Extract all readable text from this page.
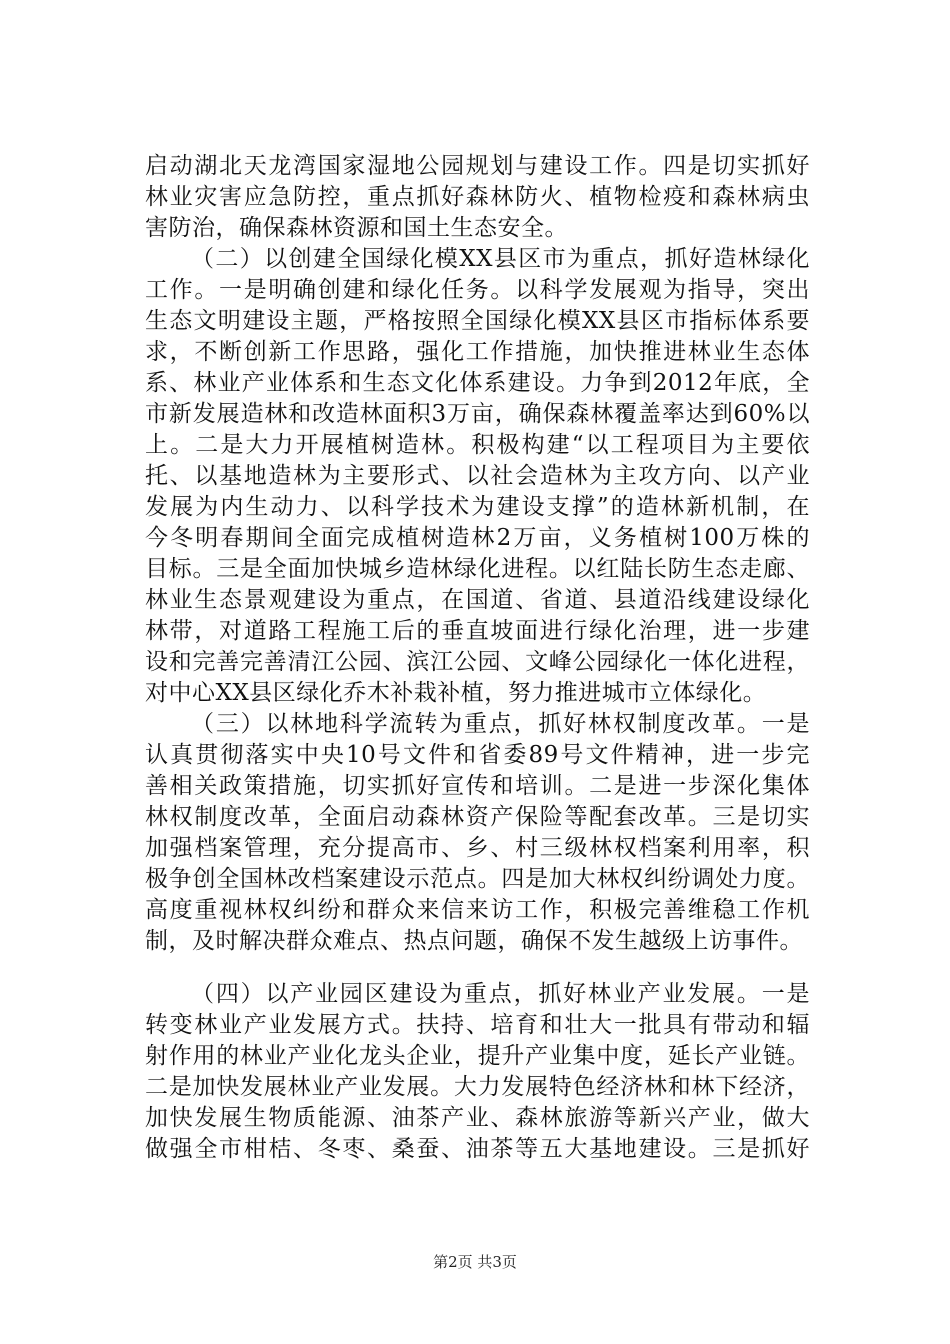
启动湖北天龙湾国家湿地公园规划与建设工作。四是切实抓好
林业灾害应急防控，重点抓好森林防火、植物检疫和森林病虫
害防治，确保森林资源和国土生态安全。
（二）以创建全国绿化模XX县区市为重点，抓好造林绿化
工作。一是明确创建和绿化任务。以科学发展观为指导，突出
生态文明建设主题，严格按照全国绿化模XX县区市指标体系要
求，不断创新工作思路，强化工作措施，加快推进林业生态体
系、林业产业体系和生态文化体系建设。力争到2012年底，全
市新发展造林和改造林面积3万亩，确保森林覆盖率达到60%以
上。二是大力开展植树造林。积极构建“以工程项目为主要依
托、以基地造林为主要形式、以社会造林为主攻方向、以产业
发展为内生动力、以科学技术为建设支撑”的造林新机制，在
今冬明春期间全面完成植树造林2万亩，义务植树100万株的
目标。三是全面加快城乡造林绿化进程。以红陆长防生态走廊、
林业生态景观建设为重点，在国道、省道、县道沿线建设绿化
林带，对道路工程施工后的垂直坡面进行绿化治理，进一步建
设和完善完善清江公园、滨江公园、文峰公园绿化一体化进程，
对中心XX县区绿化乔木补栽补植，努力推进城市立体绿化。
（三）以林地科学流转为重点，抓好林权制度改革。一是
认真贯彻落实中央10号文件和省委89号文件精神，进一步完
善相关政策措施，切实抓好宣传和培训。二是进一步深化集体
林权制度改革，全面启动森林资产保险等配套改革。三是切实
加强档案管理，充分提高市、乡、村三级林权档案利用率，积
极争创全国林改档案建设示范点。四是加大林权纠纷调处力度。
高度重视林权纠纷和群众来信来访工作，积极完善维稳工作机
制，及时解决群众难点、热点问题，确保不发生越级上访事件。
（四）以产业园区建设为重点，抓好林业产业发展。一是
转变林业产业发展方式。扶持、培育和壮大一批具有带动和辐
射作用的林业产业化龙头企业，提升产业集中度，延长产业链。
二是加快发展林业产业发展。大力发展特色经济林和林下经济，
加快发展生物质能源、油茶产业、森林旅游等新兴产业，做大
做强全市柑桔、冬枣、桑蚕、油茶等五大基地建设。三是抓好
第2页 共3页
